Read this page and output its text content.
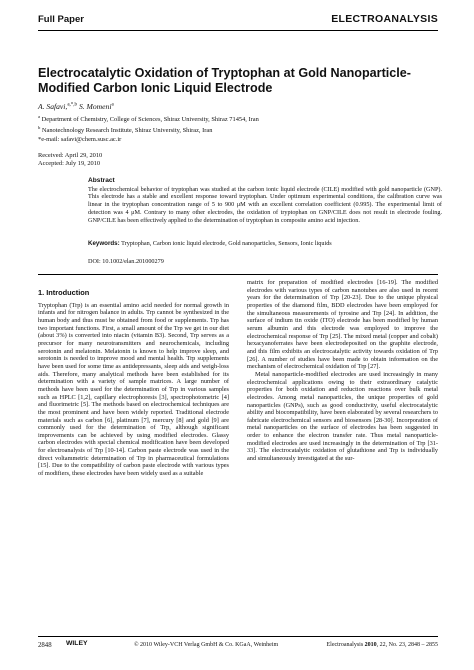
Full Paper	ELECTROANALYSIS
Electrocatalytic Oxidation of Tryptophan at Gold Nanoparticle-Modified Carbon Ionic Liquid Electrode
A. Safavi,$^{a,*,b}$ S. Momeni$^a$
$^a$ Department of Chemistry, College of Sciences, Shiraz University, Shiraz 71454, Iran
$^b$ Nanotechnology Research Institute, Shiraz University, Shiraz, Iran
*e-mail: safavi@chem.susc.ac.ir
Received: April 29, 2010
Accepted: July 19, 2010
Abstract
The electrochemical behavior of tryptophan was studied at the carbon ionic liquid electrode (CILE) modified with gold nanoparticle (GNP). This electrode has a stable and excellent response toward tryptophan. Under optimum experimental conditions, the calibration curve was linear in the tryptophan concentration range of 5 to 900 μM with an excellent correlation coefficient (0.995). The experimental limit of detection was 4 μM. Contrary to many other electrodes, the oxidation of tryptophan on GNP/CILE does not result in electrode fouling. GNP/CILE has been effectively applied to the determination of tryptophan in composite amino acid injection.
Keywords: Tryptophan, Carbon ionic liquid electrode, Gold nanoparticles, Sensors, Ionic liquids
DOI: 10.1002/elan.201000279
1. Introduction

Tryptophan (Trp) is an essential amino acid needed for normal growth in infants and for nitrogen balance in adults. Trp cannot be synthesized in the human body and thus must be obtained from food or supplements. Trp has two important functions. First, a small amount of the Trp we get in our diet (about 3%) is converted into niacin (vitamin B3). Second, Trp serves as a precursor for many neurotransmitters and neurochemicals, including serotonin and melatonin. Melatonin is known to help improve sleep, and serotonin is needed to improve mood and mental health. Trp supplements have been used for some time as antidepressants, sleep aids and weigh-loss aids. Therefore, many analytical methods have been established for its determination with a variety of sample matrices. A large number of methods have been used for the determination of Trp in various samples such as HPLC [1,2], capillary electrophoresis [3], spectrophotometric [4] and fluorimetric [5]. The methods based on electrochemical techniques are the most prominent and have been widely reported. Traditional electrode materials such as carbon [6], platinum [7], mercury [8] and gold [9] are commonly used for the determination of Trp, although significant improvements can be achieved by using modified electrodes. Glassy carbon electrodes with special chemical modification have been developed for electroanalysis of Trp [10-14]. Carbon paste electrode was used in the direct voltammetric determination of Trp in pharmaceutical formulations [15]. Due to the compatibility of carbon paste electrode with various types of modifiers, these electrodes have been widely used as a suitable

matrix for preparation of modified electrodes [16-19]. The modified electrodes with various types of carbon nanotubes are also used in recent years for the determination of Trp [20-23]. Due to the unique physical properties of the diamond film, BDD electrodes have been employed for the simultaneous measurements of tyrosine and Trp [24]. In addition, the surface of indium tin oxide (ITO) electrode has been modified by human serum albumin and this electrode was employed to improve the electrochemical response of Trp [25]. The mixed metal (copper and cobalt) hexacyanoferrates have been electrodeposited on the graphite electrode, and this film exhibits an electrocatalytic activity towards oxidation of Trp [26]. A number of studies have been made to obtain information on the mechanism of electrochemical oxidation of Trp [27].

Metal nanoparticle-modified electrodes are used increasingly in many electrochemical applications owing to their extraordinary catalytic properties for both oxidation and reduction reactions over bulk metal electrodes. Among metal nanoparticles, the unique properties of gold nanoparticles (GNPs), such as good conductivity, useful electrocatalytic ability and biocompatibility, have been elaborated by several researchers to fabricate electrochemical sensors and biosensors [28-30]. Incorporation of metal nanoparticles on the surface of electrodes has been suggested in order to enhance the electron transfer rate. Thus metal nanoparticle-modified electrodes are used increasingly in the determination of Trp [31-33]. The electrocatalytic oxidation of glutathione and Trp is individually and simultaneously investigated at the sur-

2848 WILEY	© 2010 Wiley-VCH Verlag GmbH & Co. KGaA, Weinheim	Electroanalysis 2010, 22, No. 23, 2848 – 2855
